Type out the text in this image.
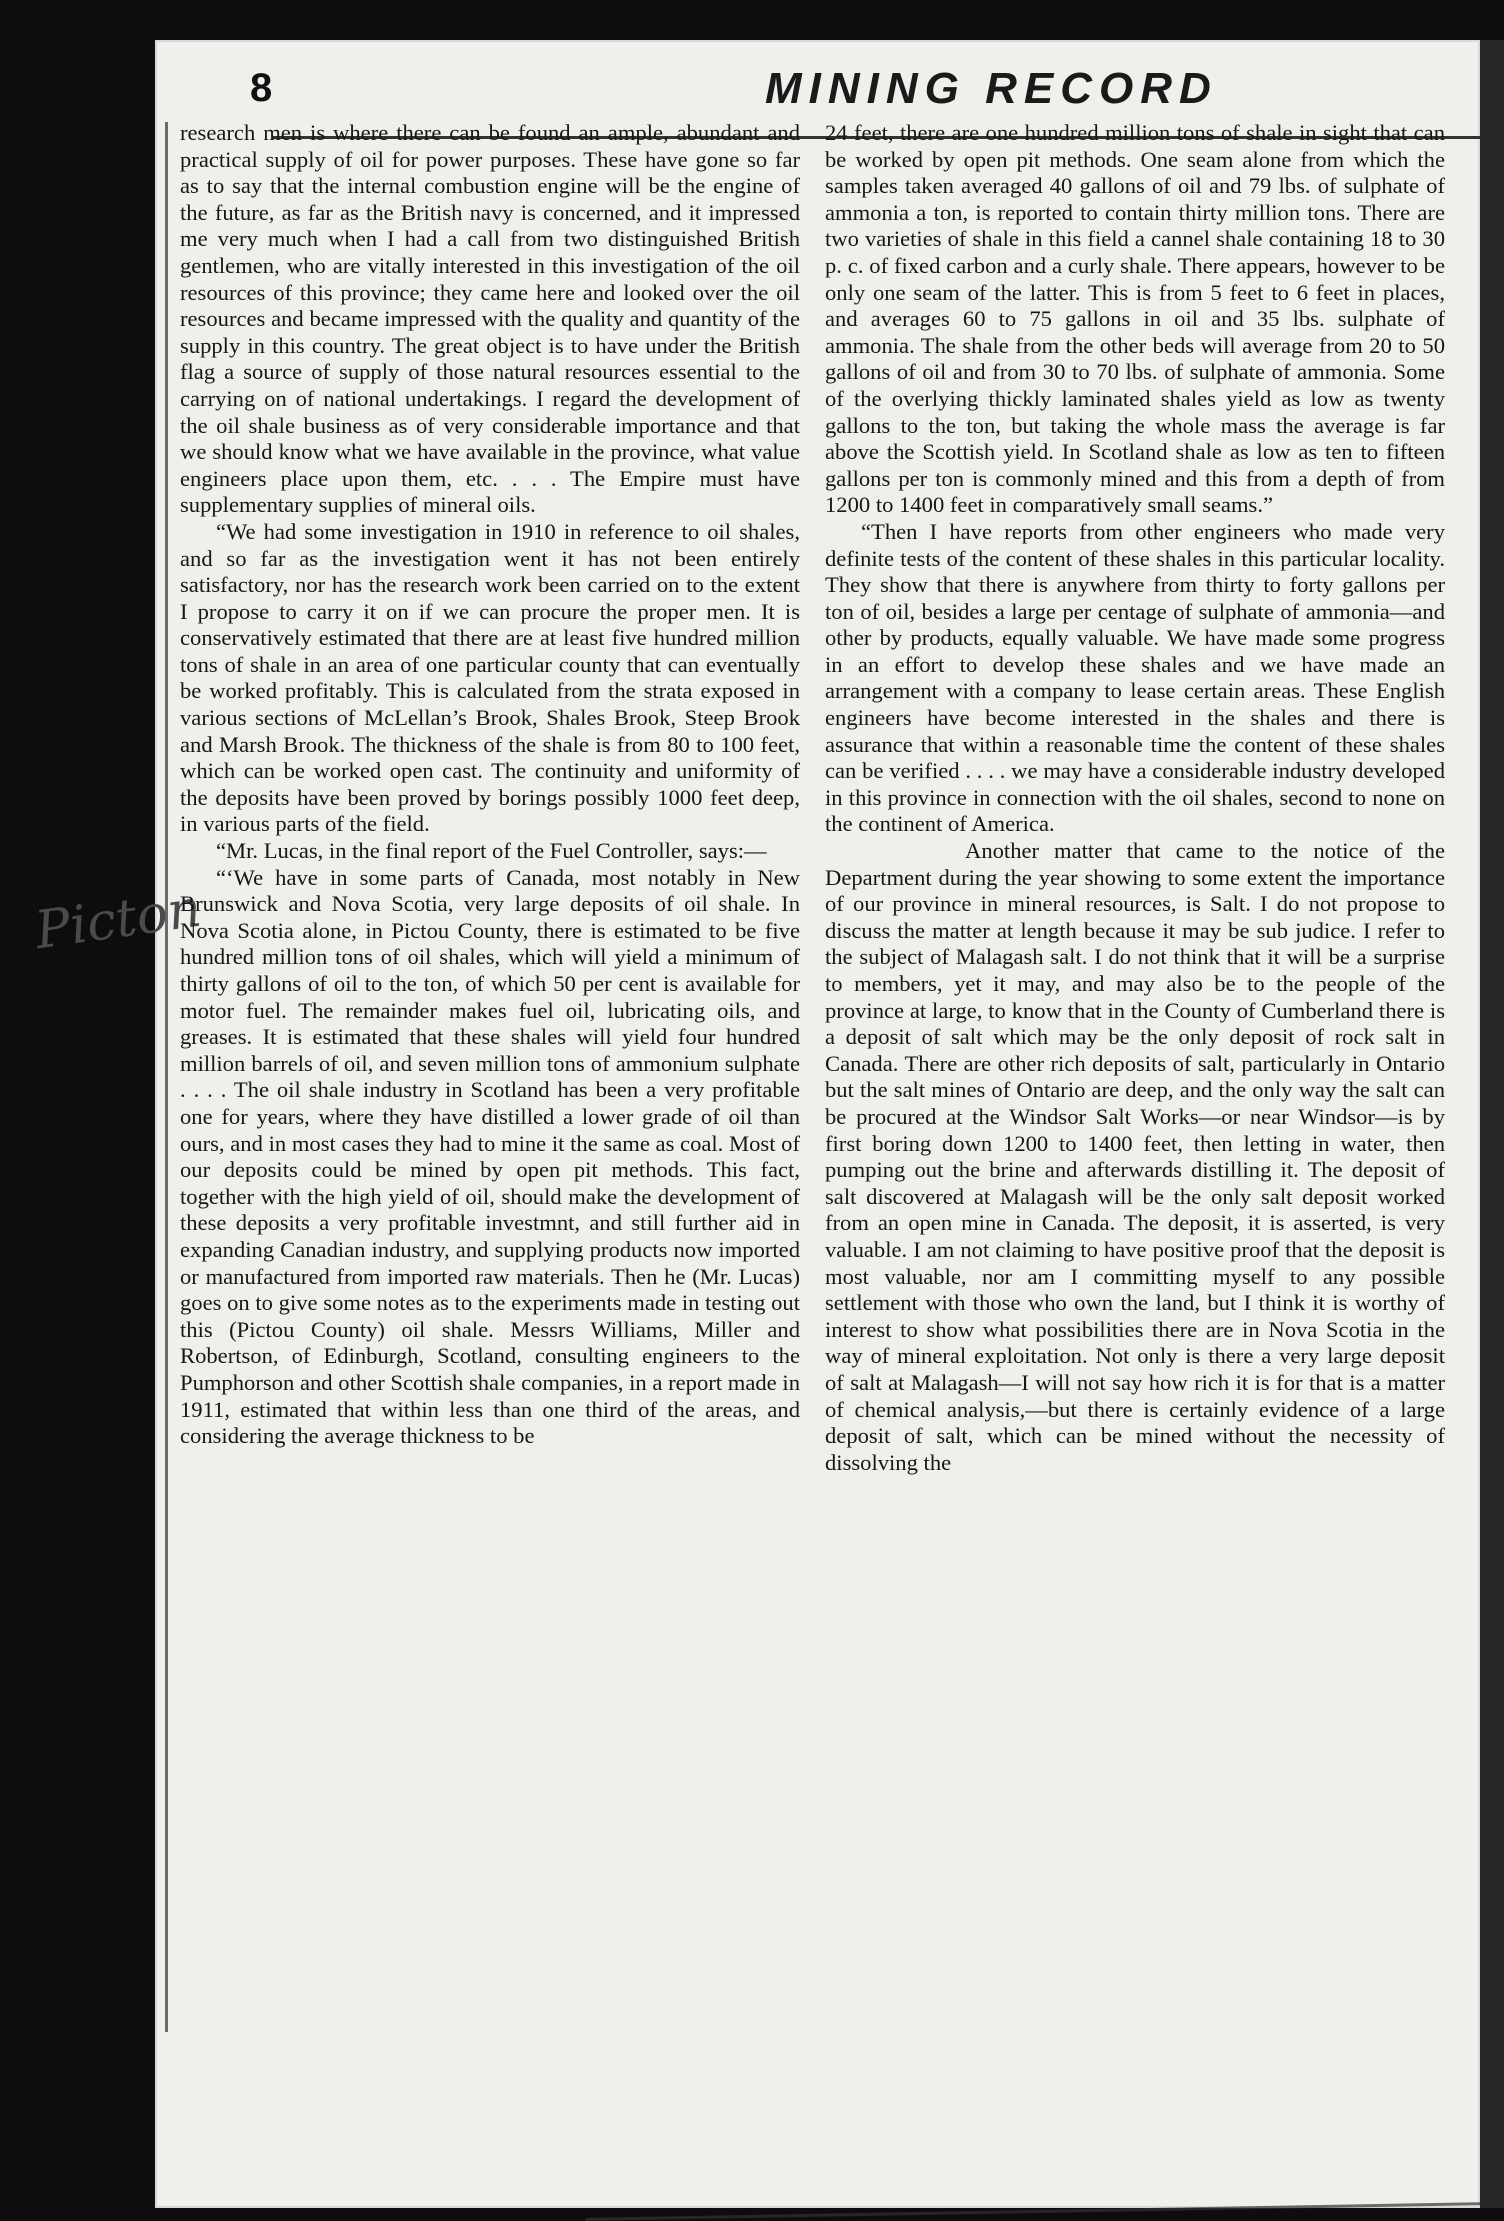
8	MINING RECORD
Picton

research men is where there can be found an ample, abundant and practical supply of oil for power purposes. These have gone so far as to say that the internal combustion engine will be the engine of the future, as far as the British navy is concerned, and it impressed me very much when I had a call from two distinguished British gentlemen, who are vitally interested in this investigation of the oil resources of this province; they came here and looked over the oil resources and became impressed with the quality and quantity of the supply in this country. The great object is to have under the British flag a source of supply of those natural resources essential to the carrying on of national undertakings. I regard the development of the oil shale business as of very considerable importance and that we should know what we have available in the province, what value engineers place upon them, etc. . . . The Empire must have supplementary supplies of mineral oils.

“We had some investigation in 1910 in reference to oil shales, and so far as the investigation went it has not been entirely satisfactory, nor has the research work been carried on to the extent I propose to carry it on if we can procure the proper men. It is conservatively estimated that there are at least five hundred million tons of shale in an area of one particular county that can eventually be worked profitably. This is calculated from the strata exposed in various sections of McLellan’s Brook, Shales Brook, Steep Brook and Marsh Brook. The thickness of the shale is from 80 to 100 feet, which can be worked open cast. The continuity and uniformity of the deposits have been proved by borings possibly 1000 feet deep, in various parts of the field.

“Mr. Lucas, in the final report of the Fuel Controller, says:—

“‘We have in some parts of Canada, most notably in New Brunswick and Nova Scotia, very large deposits of oil shale. In Nova Scotia alone, in Pictou County, there is estimated to be five hundred million tons of oil shales, which will yield a minimum of thirty gallons of oil to the ton, of which 50 per cent is available for motor fuel. The remainder makes fuel oil, lubricating oils, and greases. It is estimated that these shales will yield four hundred million barrels of oil, and seven million tons of ammonium sulphate . . . . The oil shale industry in Scotland has been a very profitable one for years, where they have distilled a lower grade of oil than ours, and in most cases they had to mine it the same as coal. Most of our deposits could be mined by open pit methods. This fact, together with the high yield of oil, should make the development of these deposits a very profitable investmnt, and still further aid in expanding Canadian industry, and supplying products now imported or manufactured from imported raw materials. Then he (Mr. Lucas) goes on to give some notes as to the experiments made in testing out this (Pictou County) oil shale. Messrs Williams, Miller and Robertson, of Edinburgh, Scotland, consulting engineers to the Pumphorson and other Scottish shale companies, in a report made in 1911, estimated that within less than one third of the areas, and considering the average thickness to be

24 feet, there are one hundred million tons of shale in sight that can be worked by open pit methods. One seam alone from which the samples taken averaged 40 gallons of oil and 79 lbs. of sulphate of ammonia a ton, is reported to contain thirty million tons. There are two varieties of shale in this field a cannel shale containing 18 to 30 p. c. of fixed carbon and a curly shale. There appears, however to be only one seam of the latter. This is from 5 feet to 6 feet in places, and averages 60 to 75 gallons in oil and 35 lbs. sulphate of ammonia. The shale from the other beds will average from 20 to 50 gallons of oil and from 30 to 70 lbs. of sulphate of ammonia. Some of the overlying thickly laminated shales yield as low as twenty gallons to the ton, but taking the whole mass the average is far above the Scottish yield. In Scotland shale as low as ten to fifteen gallons per ton is commonly mined and this from a depth of from 1200 to 1400 feet in comparatively small seams.”

“Then I have reports from other engineers who made very definite tests of the content of these shales in this particular locality. They show that there is anywhere from thirty to forty gallons per ton of oil, besides a large per centage of sulphate of ammonia—and other by products, equally valuable. We have made some progress in an effort to develop these shales and we have made an arrangement with a company to lease certain areas. These English engineers have become interested in the shales and there is assurance that within a reasonable time the content of these shales can be verified . . . . we may have a considerable industry developed in this province in connection with the oil shales, second to none on the continent of America.

Another matter that came to the notice of the Department during the year showing to some extent the importance of our province in mineral resources, is Salt. I do not propose to discuss the matter at length because it may be sub judice. I refer to the subject of Malagash salt. I do not think that it will be a surprise to members, yet it may, and may also be to the people of the province at large, to know that in the County of Cumberland there is a deposit of salt which may be the only deposit of rock salt in Canada. There are other rich deposits of salt, particularly in Ontario but the salt mines of Ontario are deep, and the only way the salt can be procured at the Windsor Salt Works—or near Windsor—is by first boring down 1200 to 1400 feet, then letting in water, then pumping out the brine and afterwards distilling it. The deposit of salt discovered at Malagash will be the only salt deposit worked from an open mine in Canada. The deposit, it is asserted, is very valuable. I am not claiming to have positive proof that the deposit is most valuable, nor am I committing myself to any possible settlement with those who own the land, but I think it is worthy of interest to show what possibilities there are in Nova Scotia in the way of mineral exploitation. Not only is there a very large deposit of salt at Malagash—I will not say how rich it is for that is a matter of chemical analysis,—but there is certainly evidence of a large deposit of salt, which can be mined without the necessity of dissolving the
